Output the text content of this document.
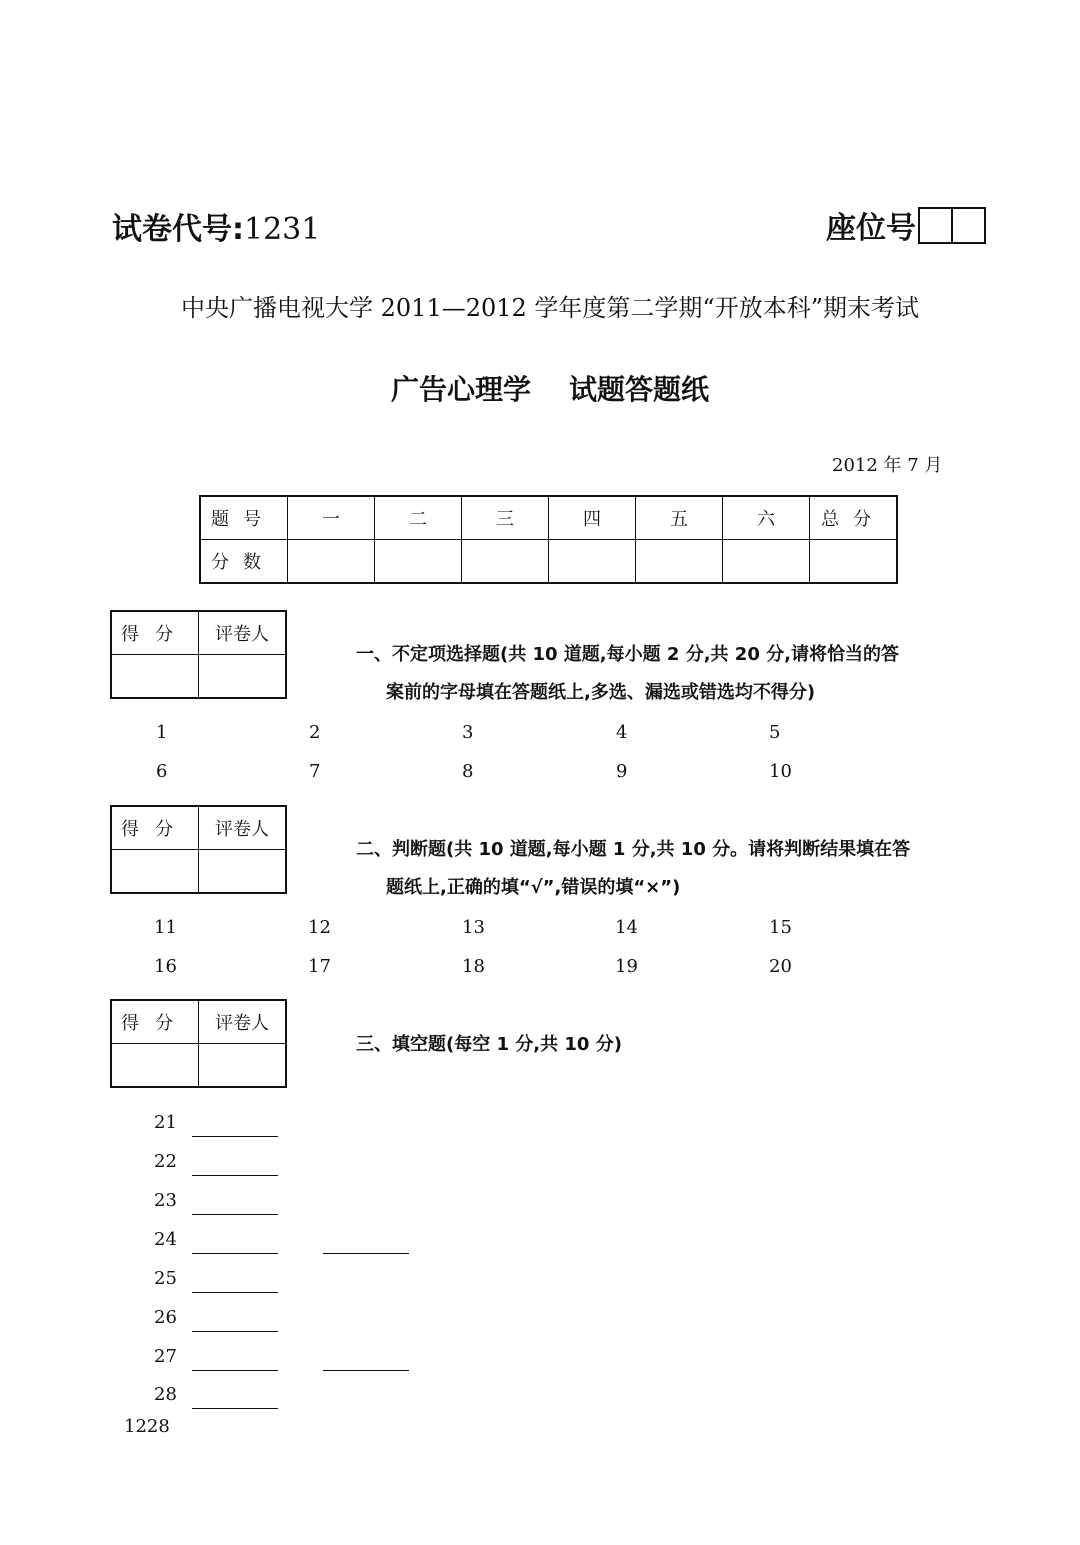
试卷代号:1231	座位号
中央广播电视大学 2011—2012 学年度第二学期“开放本科”期末考试
广告心理学 试题答题纸
2012 年 7 月
题号	一	二	三	四	五	六	总分
分数							
得分	评卷人

一、不定项选择题(共 10 道题,每小题 2 分,共 20 分,请将恰当的答
案前的字母填在答题纸上,多选、漏选或错选均不得分)
1	2	3	4	5
6	7	8	9	10
得分	评卷人

二、判断题(共 10 道题,每小题 1 分,共 10 分。请将判断结果填在答
题纸上,正确的填“√”,错误的填“×”)
11	12	13	14	15
16	17	18	19	20
得分	评卷人

三、填空题(每空 1 分,共 10 分)
21
22
23
24
25
26
27
28
1228
